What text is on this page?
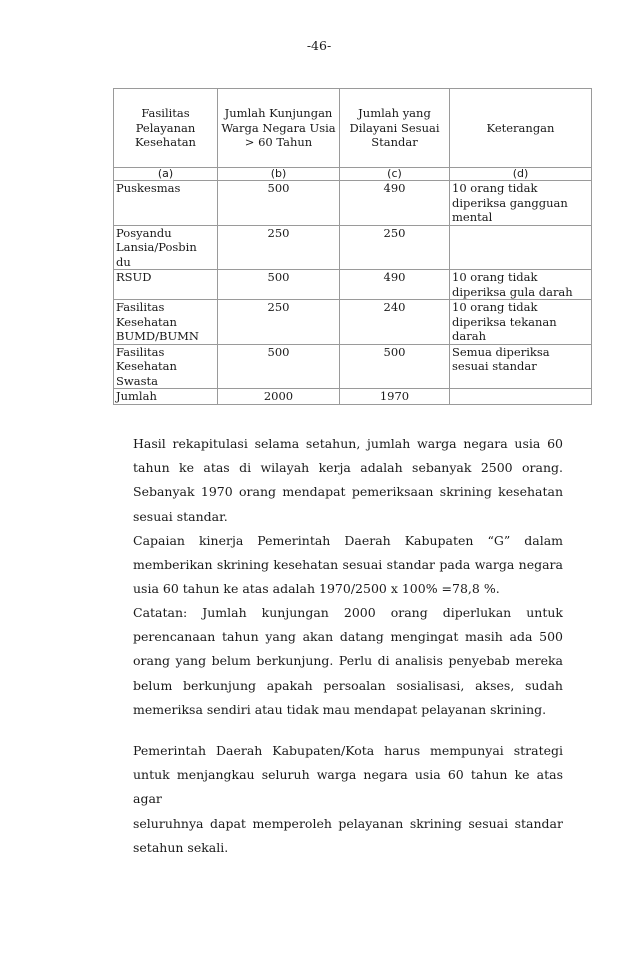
-46-
Fasilitas Pelayanan Kesehatan	Jumlah Kunjungan Warga Negara Usia > 60 Tahun	Jumlah yang Dilayani Sesuai Standar	Keterangan
(a)	(b)	(c)	(d)
Puskesmas	500	490	10 orang tidak diperiksa gangguan mental
Posyandu Lansia/Posbin du	250	250	
RSUD	500	490	10 orang tidak diperiksa gula darah
Fasilitas Kesehatan BUMD/BUMN	250	240	10 orang tidak diperiksa tekanan darah
Fasilitas Kesehatan Swasta	500	500	Semua diperiksa sesuai standar
Jumlah	2000	1970	
Hasil rekapitulasi selama setahun, jumlah warga negara usia 60
tahun ke atas di wilayah kerja adalah sebanyak 2500 orang.
Sebanyak 1970 orang mendapat pemeriksaan skrining kesehatan
sesuai standar.
Capaian kinerja Pemerintah Daerah Kabupaten “G” dalam
memberikan skrining kesehatan sesuai standar pada warga negara
usia 60 tahun ke atas adalah 1970/2500 x 100% =78,8 %.
Catatan: Jumlah kunjungan 2000 orang diperlukan untuk
perencanaan tahun yang akan datang mengingat masih ada 500
orang yang belum berkunjung. Perlu di analisis penyebab mereka
belum berkunjung apakah persoalan sosialisasi, akses, sudah
memeriksa sendiri atau tidak mau mendapat pelayanan skrining.
Pemerintah Daerah Kabupaten/Kota harus mempunyai strategi
untuk menjangkau seluruh warga negara usia 60 tahun ke atas agar
seluruhnya dapat memperoleh pelayanan skrining sesuai standar
setahun sekali.
